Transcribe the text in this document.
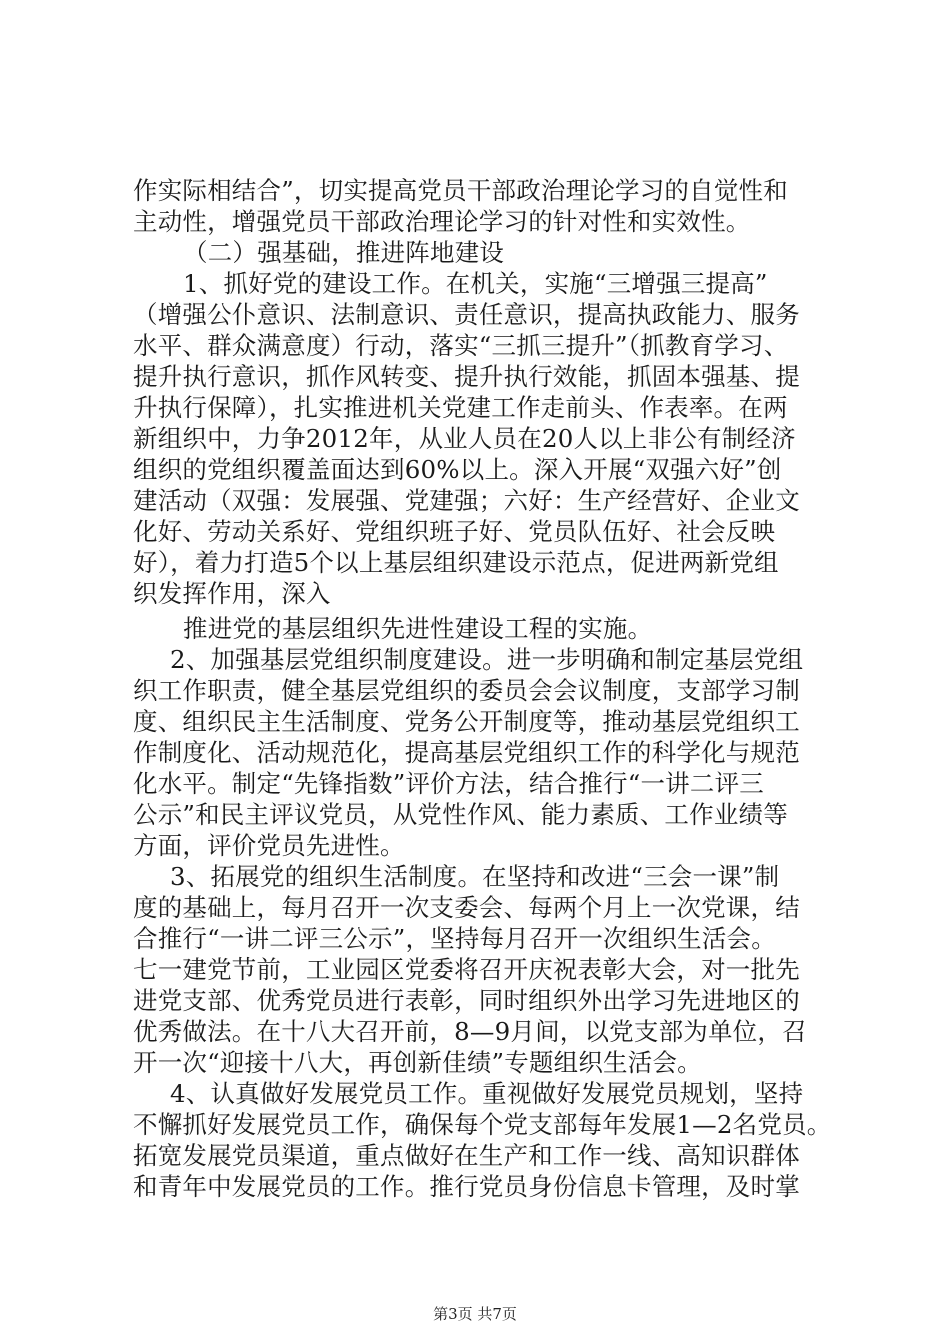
作实际相结合”，切实提高党员干部政治理论学习的自觉性和
主动性，增强党员干部政治理论学习的针对性和实效性。
（二）强基础，推进阵地建设
1、抓好党的建设工作。在机关，实施“三增强三提高”
（增强公仆意识、法制意识、责任意识，提高执政能力、服务
水平、群众满意度）行动，落实“三抓三提升”（抓教育学习、
提升执行意识，抓作风转变、提升执行效能，抓固本强基、提
升执行保障），扎实推进机关党建工作走前头、作表率。在两
新组织中，力争2012年，从业人员在20人以上非公有制经济
组织的党组织覆盖面达到60%以上。深入开展“双强六好”创
建活动（双强：发展强、党建强；六好：生产经营好、企业文
化好、劳动关系好、党组织班子好、党员队伍好、社会反映
好），着力打造5个以上基层组织建设示范点，促进两新党组
织发挥作用，深入
推进党的基层组织先进性建设工程的实施。
2、加强基层党组织制度建设。进一步明确和制定基层党组
织工作职责，健全基层党组织的委员会会议制度，支部学习制
度、组织民主生活制度、党务公开制度等，推动基层党组织工
作制度化、活动规范化，提高基层党组织工作的科学化与规范
化水平。制定“先锋指数”评价方法，结合推行“一讲二评三
公示”和民主评议党员，从党性作风、能力素质、工作业绩等
方面，评价党员先进性。
3、拓展党的组织生活制度。在坚持和改进“三会一课”制
度的基础上，每月召开一次支委会、每两个月上一次党课，结
合推行“一讲二评三公示”，坚持每月召开一次组织生活会。
七一建党节前，工业园区党委将召开庆祝表彰大会，对一批先
进党支部、优秀党员进行表彰，同时组织外出学习先进地区的
优秀做法。在十八大召开前，8—9月间，以党支部为单位，召
开一次“迎接十八大，再创新佳绩”专题组织生活会。
4、认真做好发展党员工作。重视做好发展党员规划，坚持
不懈抓好发展党员工作，确保每个党支部每年发展1—2名党员。
拓宽发展党员渠道，重点做好在生产和工作一线、高知识群体
和青年中发展党员的工作。推行党员身份信息卡管理，及时掌
第3页 共7页
